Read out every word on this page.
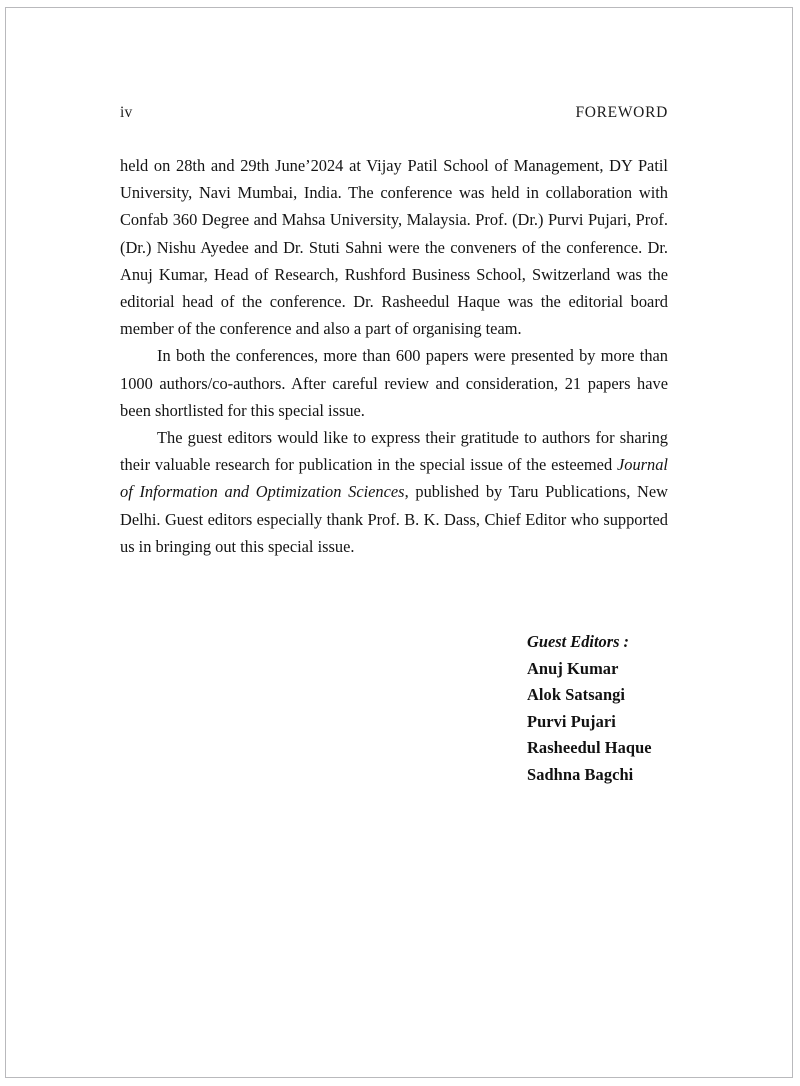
iv	FOREWORD

held on 28th and 29th June’2024 at Vijay Patil School of Management, DY Patil University, Navi Mumbai, India. The conference was held in collaboration with Confab 360 Degree and Mahsa University, Malaysia. Prof. (Dr.) Purvi Pujari, Prof. (Dr.) Nishu Ayedee and Dr. Stuti Sahni were the conveners of the conference. Dr. Anuj Kumar, Head of Research, Rushford Business School, Switzerland was the editorial head of the conference. Dr. Rasheedul Haque was the editorial board member of the conference and also a part of organising team.

In both the conferences, more than 600 papers were presented by more than 1000 authors/co-authors. After careful review and consideration, 21 papers have been shortlisted for this special issue.

The guest editors would like to express their gratitude to authors for sharing their valuable research for publication in the special issue of the esteemed Journal of Information and Optimization Sciences, published by Taru Publications, New Delhi. Guest editors especially thank Prof. B. K. Dass, Chief Editor who supported us in bringing out this special issue.

Guest Editors :
Anuj Kumar
Alok Satsangi
Purvi Pujari
Rasheedul Haque
Sadhna Bagchi
